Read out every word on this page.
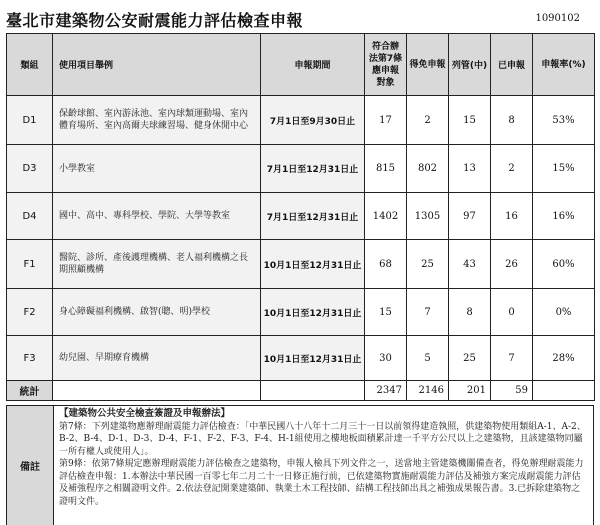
臺北市建築物公安耐震能力評估檢查申報	1090102
類組	使用項目舉例	申報期間	符合辦法第7條應申報對象	得免申報	列管(中)	已申報	申報率(%)
D1	保齡球館、室內游泳池、室內球類運動場、室內體育場所、室內高爾夫球練習場、健身休閒中心	7月1日至9月30日止	17	2	15	8	53%
D3	小學教室	7月1日至12月31日止	815	802	13	2	15%
D4	國中、高中、專科學校、學院、大學等教室	7月1日至12月31日止	1402	1305	97	16	16%
F1	醫院、診所、產後護理機構、老人福利機構之長期照顧機構	10月1日至12月31日止	68	25	43	26	60%
F2	身心障礙福利機構、啟智(聰、明)學校	10月1日至12月31日止	15	7	8	0	0%
F3	幼兒園、早期療育機構	10月1日至12月31日止	30	5	25	7	28%
統計			2347	2146	201	59	
備註
【建築物公共安全檢查簽證及申報辦法】

第7條：下列建築物應辦理耐震能力評估檢查：「中華民國八十八年十二月三十一日以前領得建造執照，供建築物使用類組A-1、A-2、B-2、B-4、D-1、D-3、D-4、F-1、F-2、F-3、F-4、H-1組使用之樓地板面積累計達一千平方公尺以上之建築物，且該建築物同屬一所有權人或使用人」。

第9條：依第7條規定應辦理耐震能力評估檢查之建築物，申報人檢具下列文件之一，送當地主管建築機關備查者，得免辦理耐震能力評估檢查申報：1.本辦法中華民國一百零七年二月二十一日修正施行前，已依建築物實施耐震能力評估及補強方案完成耐震能力評估及補強程序之相關證明文件。2.依法登記開業建築師、執業土木工程技師、結構工程技師出具之補強成果報告書。3.已拆除建築物之證明文件。
